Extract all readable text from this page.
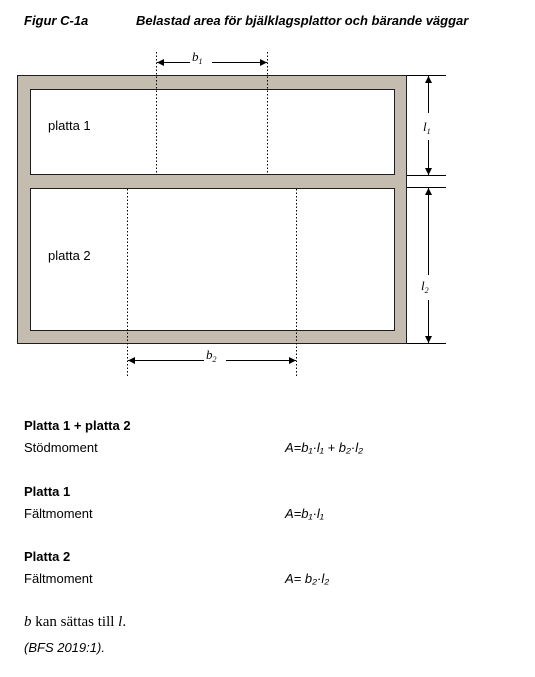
Figur C-1a	Belastad area för bjälklagsplattor och bärande väggar
platta 1
platta 2
$b_1$
$b_2$
$l_1$
$l_2$
Platta 1 + platta 2
Stödmoment	A=b₁·l₁ + b₂·l₂
Platta 1
Fältmoment	A=b₁·l₁
Platta 2
Fältmoment	A= b₂·l₂
b kan sättas till l.
(BFS 2019:1).
